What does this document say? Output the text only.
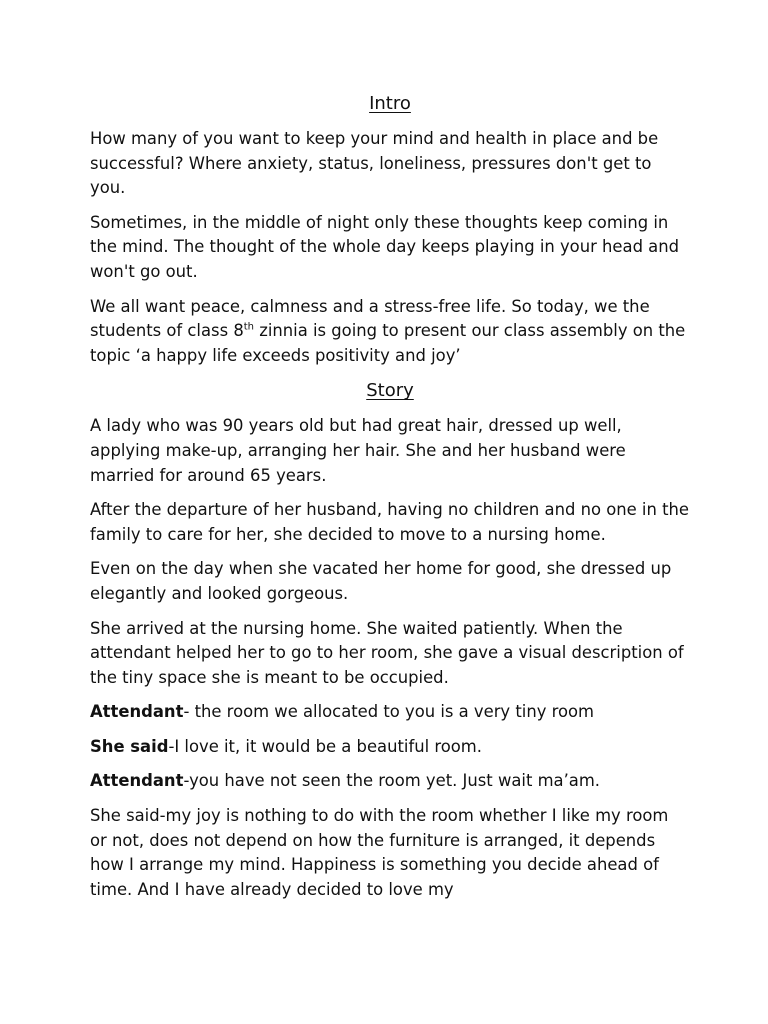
Intro

How many of you want to keep your mind and health in place and be successful? Where anxiety, status, loneliness, pressures don't get to you.

Sometimes, in the middle of night only these thoughts keep coming in the mind. The thought of the whole day keeps playing in your head and won't go out.

We all want peace, calmness and a stress-free life. So today, we the students of class 8th zinnia is going to present our class assembly on the topic ‘a happy life exceeds positivity and joy’

Story

A lady who was 90 years old but had great hair, dressed up well, applying make-up, arranging her hair. She and her husband were married for around 65 years.

After the departure of her husband, having no children and no one in the family to care for her, she decided to move to a nursing home.

Even on the day when she vacated her home for good, she dressed up elegantly and looked gorgeous.

She arrived at the nursing home. She waited patiently. When the attendant helped her to go to her room, she gave a visual description of the tiny space she is meant to be occupied.

Attendant- the room we allocated to you is a very tiny room

She said-I love it, it would be a beautiful room.

Attendant-you have not seen the room yet. Just wait ma’am.

She said-my joy is nothing to do with the room whether I like my room or not, does not depend on how the furniture is arranged, it depends how I arrange my mind. Happiness is something you decide ahead of time. And I have already decided to love my
